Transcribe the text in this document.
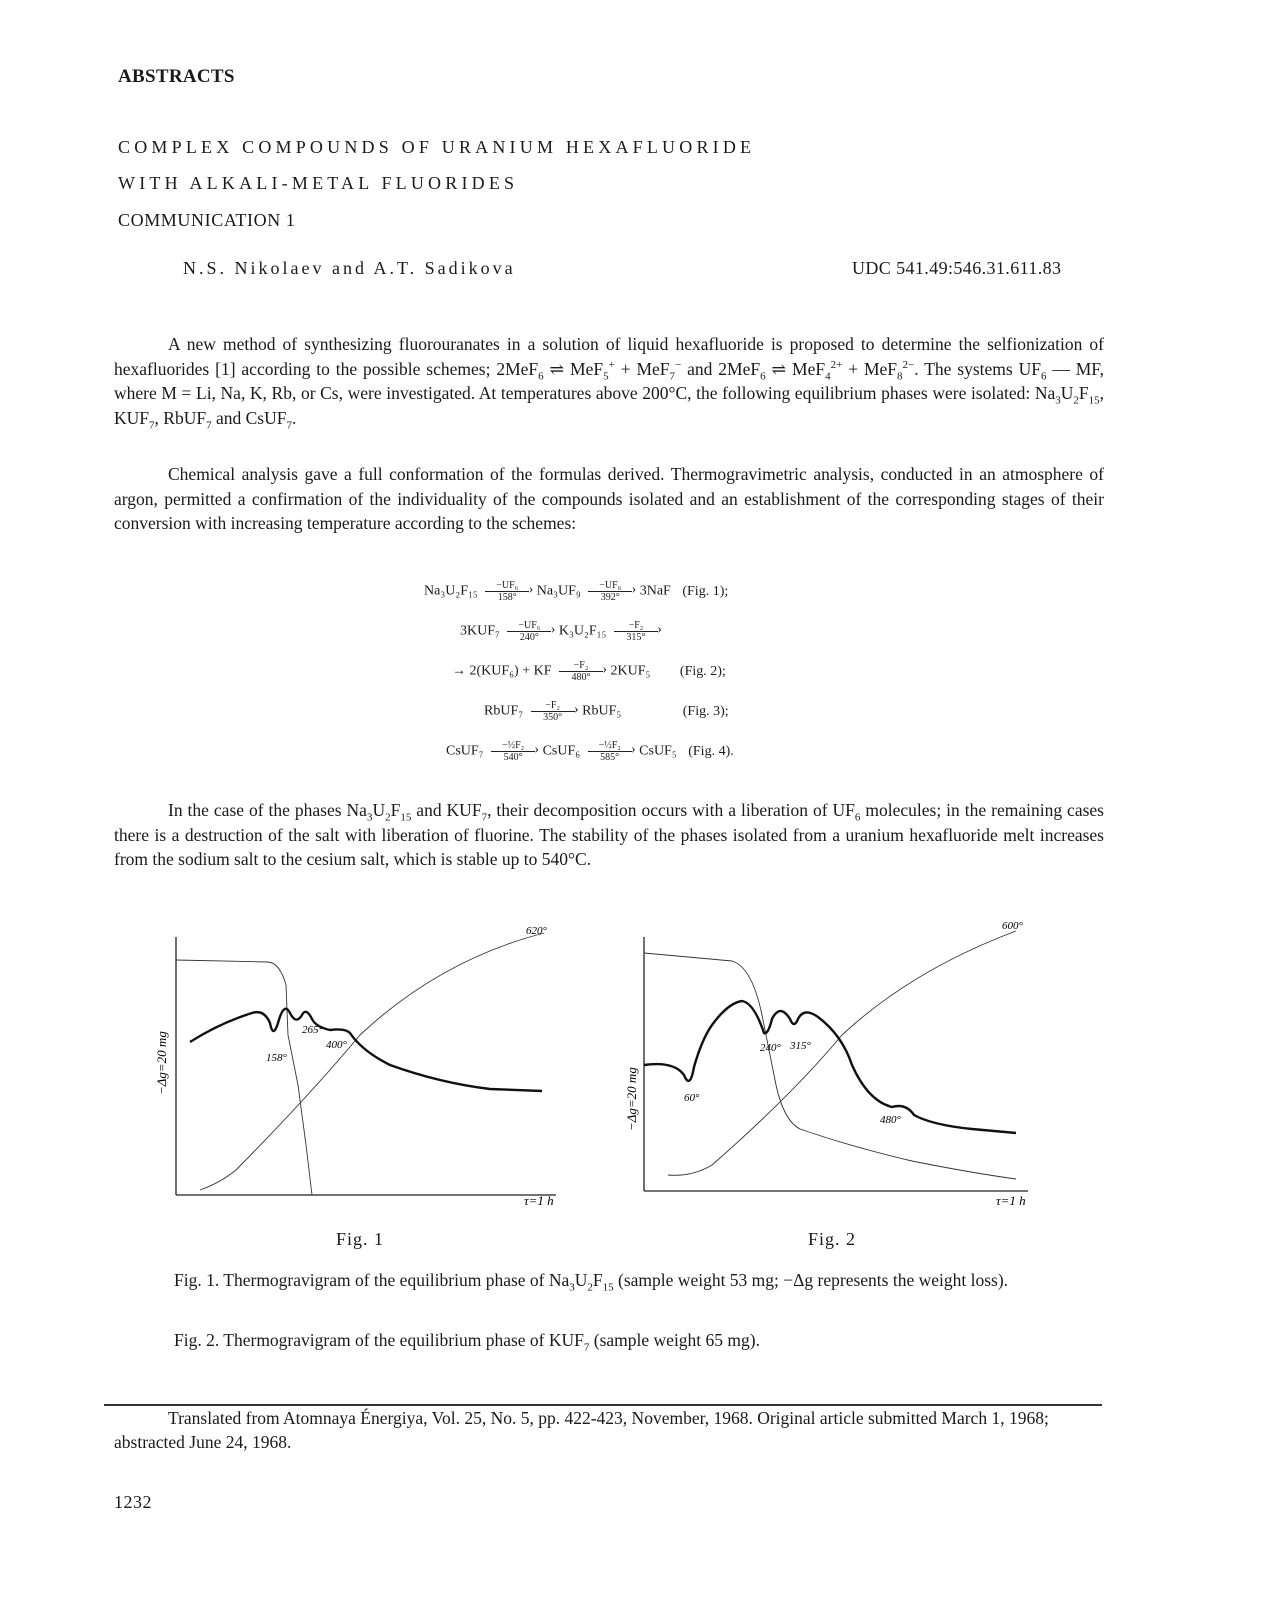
ABSTRACTS
COMPLEX COMPOUNDS OF URANIUM HEXAFLUORIDE
WITH ALKALI-METAL FLUORIDES
COMMUNICATION 1
N.S. Nikolaev and A.T. Sadikova	UDC 541.49:546.31.611.83

A new method of synthesizing fluorouranates in a solution of liquid hexafluoride is proposed to determine the selfionization of hexafluorides [1] according to the possible schemes; 2MeF$_6$ ⇌ MeF$_5$+ + MeF$_7$− and 2MeF$_6$ ⇌ MeF$_4^{2+}$ + MeF$_8^{2-}$. The systems $UF_6$ — MF, where M = Li, Na, K, Rb, or Cs, were investigated. At temperatures above 200°C, the following equilibrium phases were isolated: $Na_3U_2F_{15}$, $KUF_7$, RbUF$_7$ and CsUF$_7$.

Chemical analysis gave a full conformation of the formulas derived. Thermogravimetric analysis, conducted in an atmosphere of argon, permitted a confirmation of the individuality of the compounds isolated and an establishment of the corresponding stages of their conversion with increasing temperature according to the schemes:

Na₃U₂F₁₅ −UF₆
›
158° Na₃UF₉ −UF₆
›
392° 3NaF (Fig. 1);
3KUF₇ −UF₆
›
240° K₃U₂F₁₅ −F₂
›
315°
→ 2(KUF₆) + KF −F₂
›
480° 2KUF₅ (Fig. 2);
RbUF₇ −F₂
›
350° RbUF₅	(Fig. 3);
CsUF₇ −½F₂
›
540° CsUF₆ −½F₂
›
585° CsUF₅ (Fig. 4).

In the case of the phases $Na_3U_2F_{15}$ and $KUF_7$, their decomposition occurs with a liberation of $UF_6$ molecules; in the remaining cases there is a destruction of the salt with liberation of fluorine. The stability of the phases isolated from a uranium hexafluoride melt increases from the sodium salt to the cesium salt, which is stable up to 540°C.

620°
158°
265°
400°
−Δg=20 mg
τ=1 h
600°
60°
240° 315°
480°
−Δg=20 mg
τ=1 h
Fig. 1	Fig. 2

Fig. 1. Thermogravigram of the equilibrium phase of $Na_3U_2F_{15}$ (sample weight 53 mg; −Δg represents the weight loss).

Fig. 2. Thermogravigram of the equilibrium phase of $KUF_7$ (sample weight 65 mg).

Translated from Atomnaya Énergiya, Vol. 25, No. 5, pp. 422-423, November, 1968. Original article submitted March 1, 1968; abstracted June 24, 1968.

1232
